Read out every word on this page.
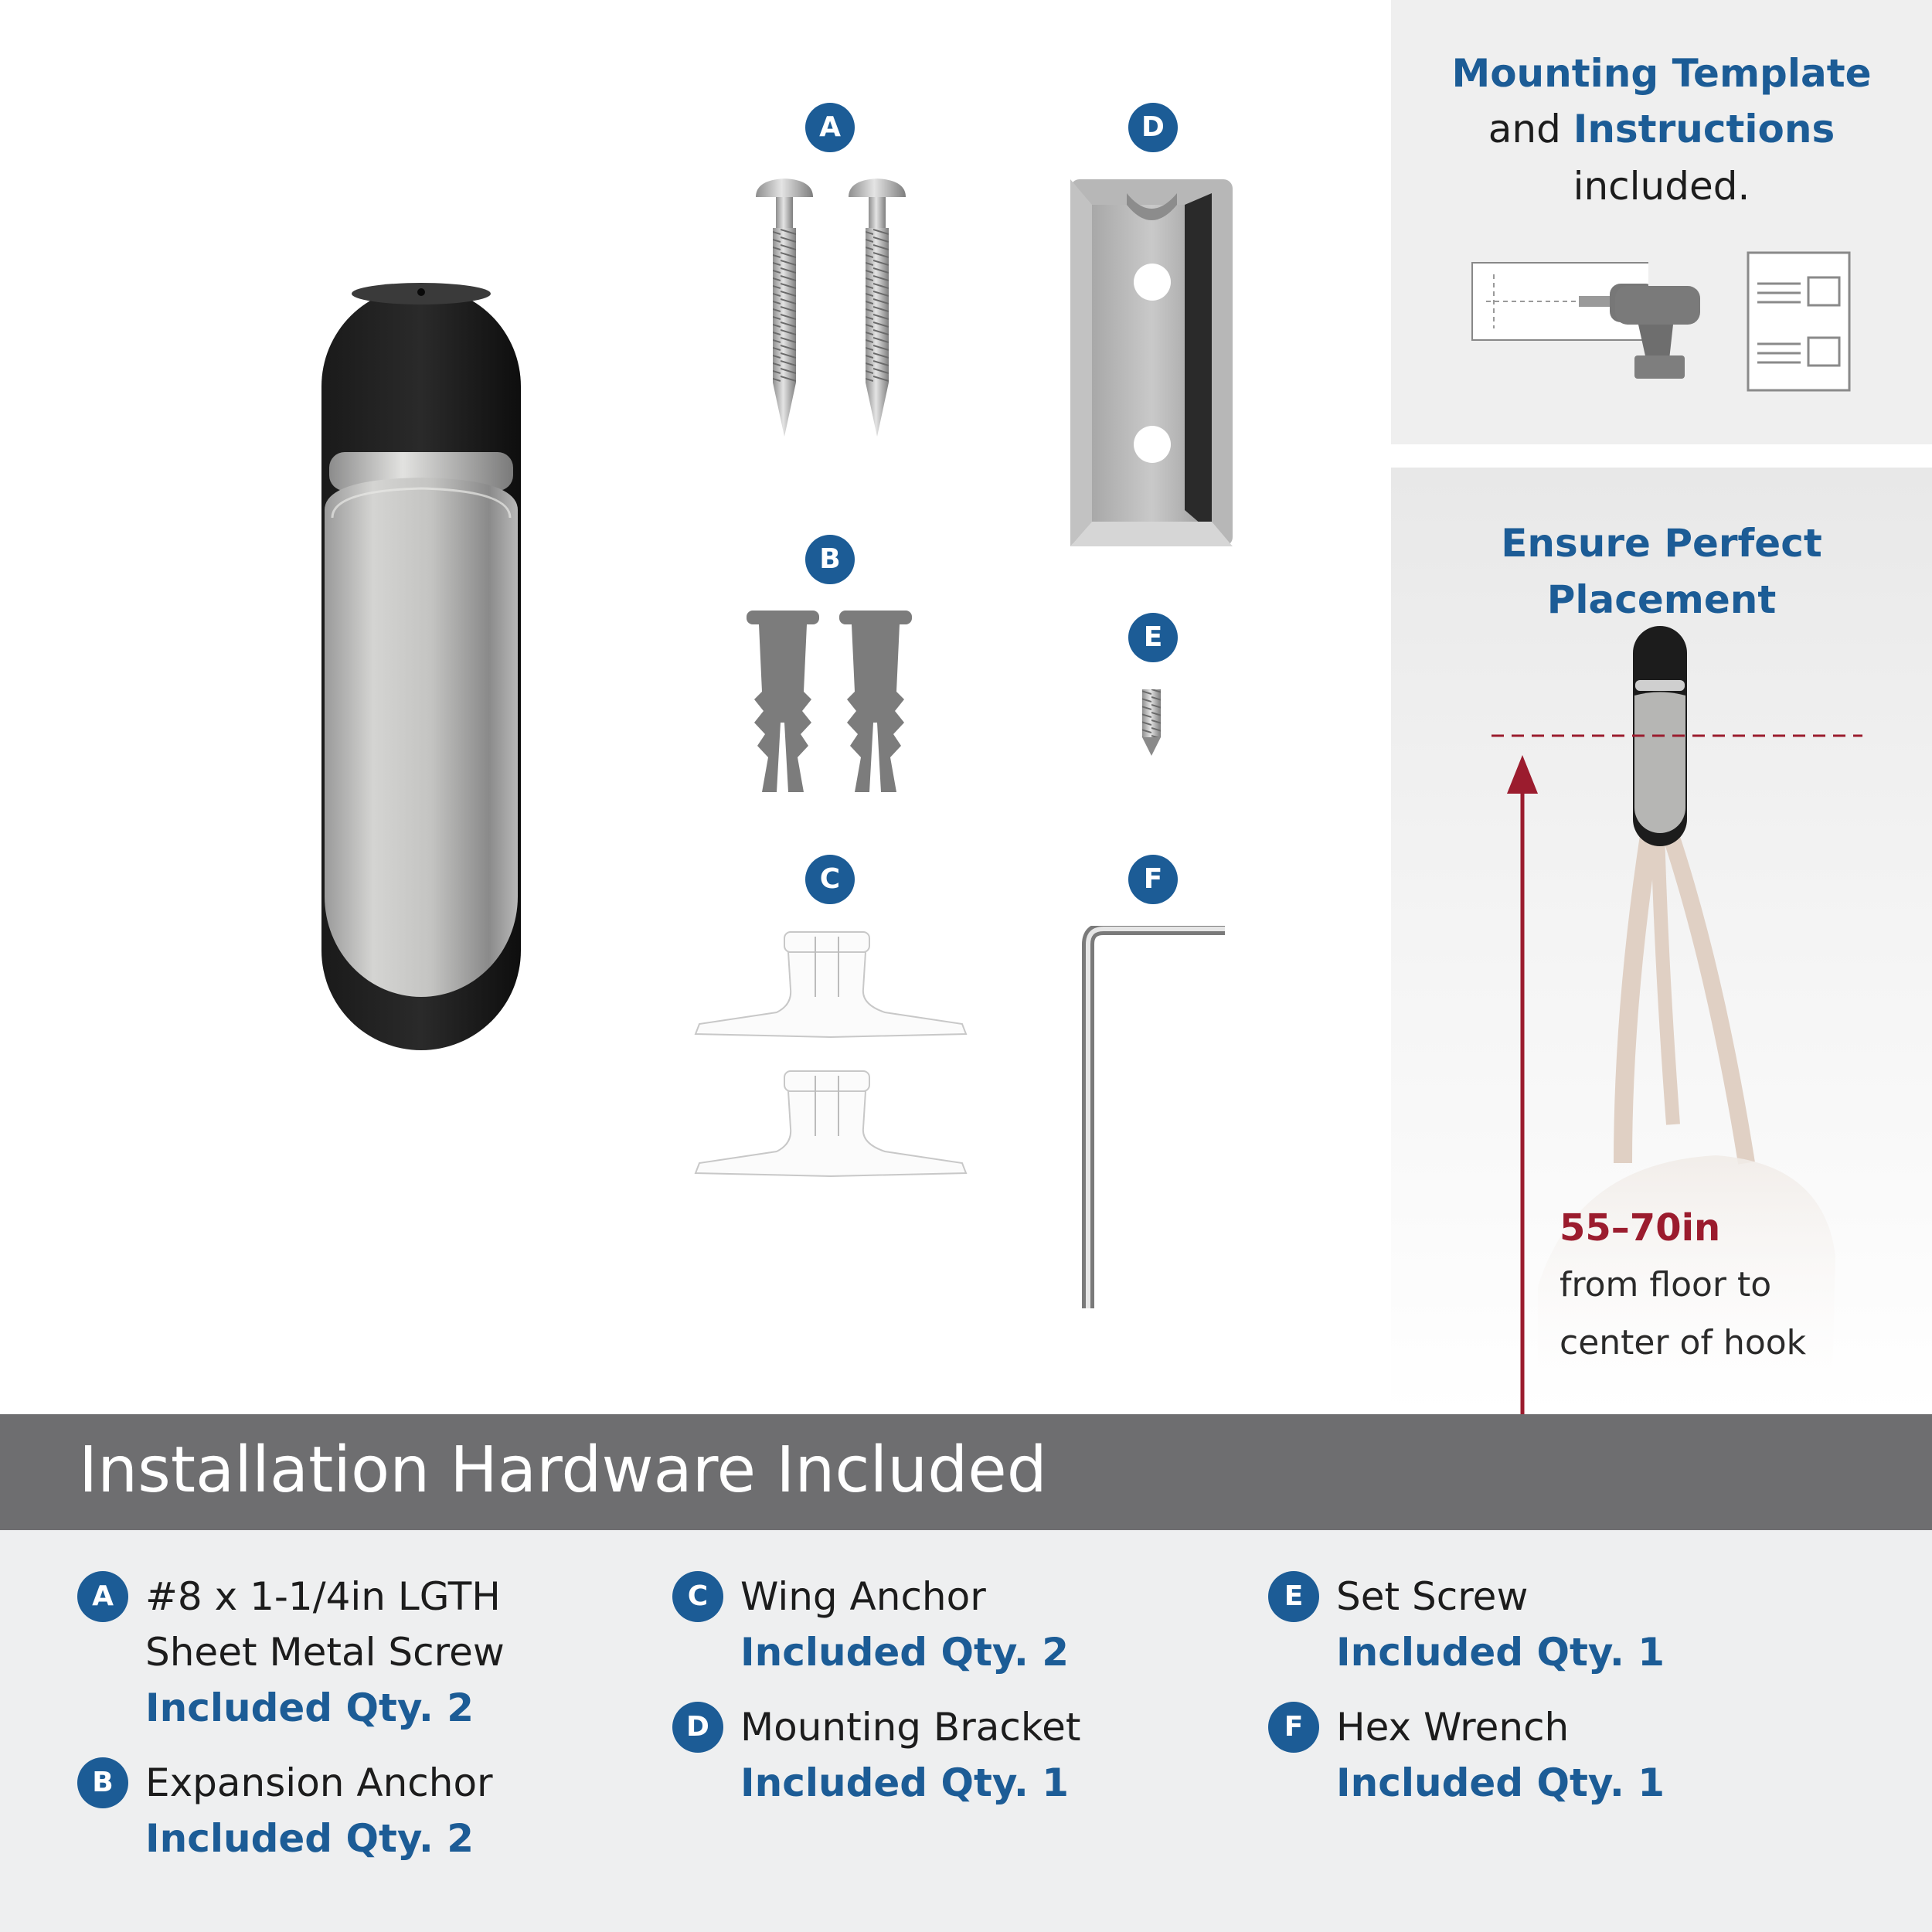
A
B
C
D
E
F
Mounting Template
and Instructions
included.
Ensure Perfect
Placement
55–70in
from floor to
center of hook
Installation Hardware Included
A #8 x 1-1/4in LGTH
Sheet Metal Screw
Included Qty. 2
B Expansion Anchor
Included Qty. 2
C Wing Anchor
Included Qty. 2
D Mounting Bracket
Included Qty. 1
E Set Screw
Included Qty. 1
F Hex Wrench
Included Qty. 1
